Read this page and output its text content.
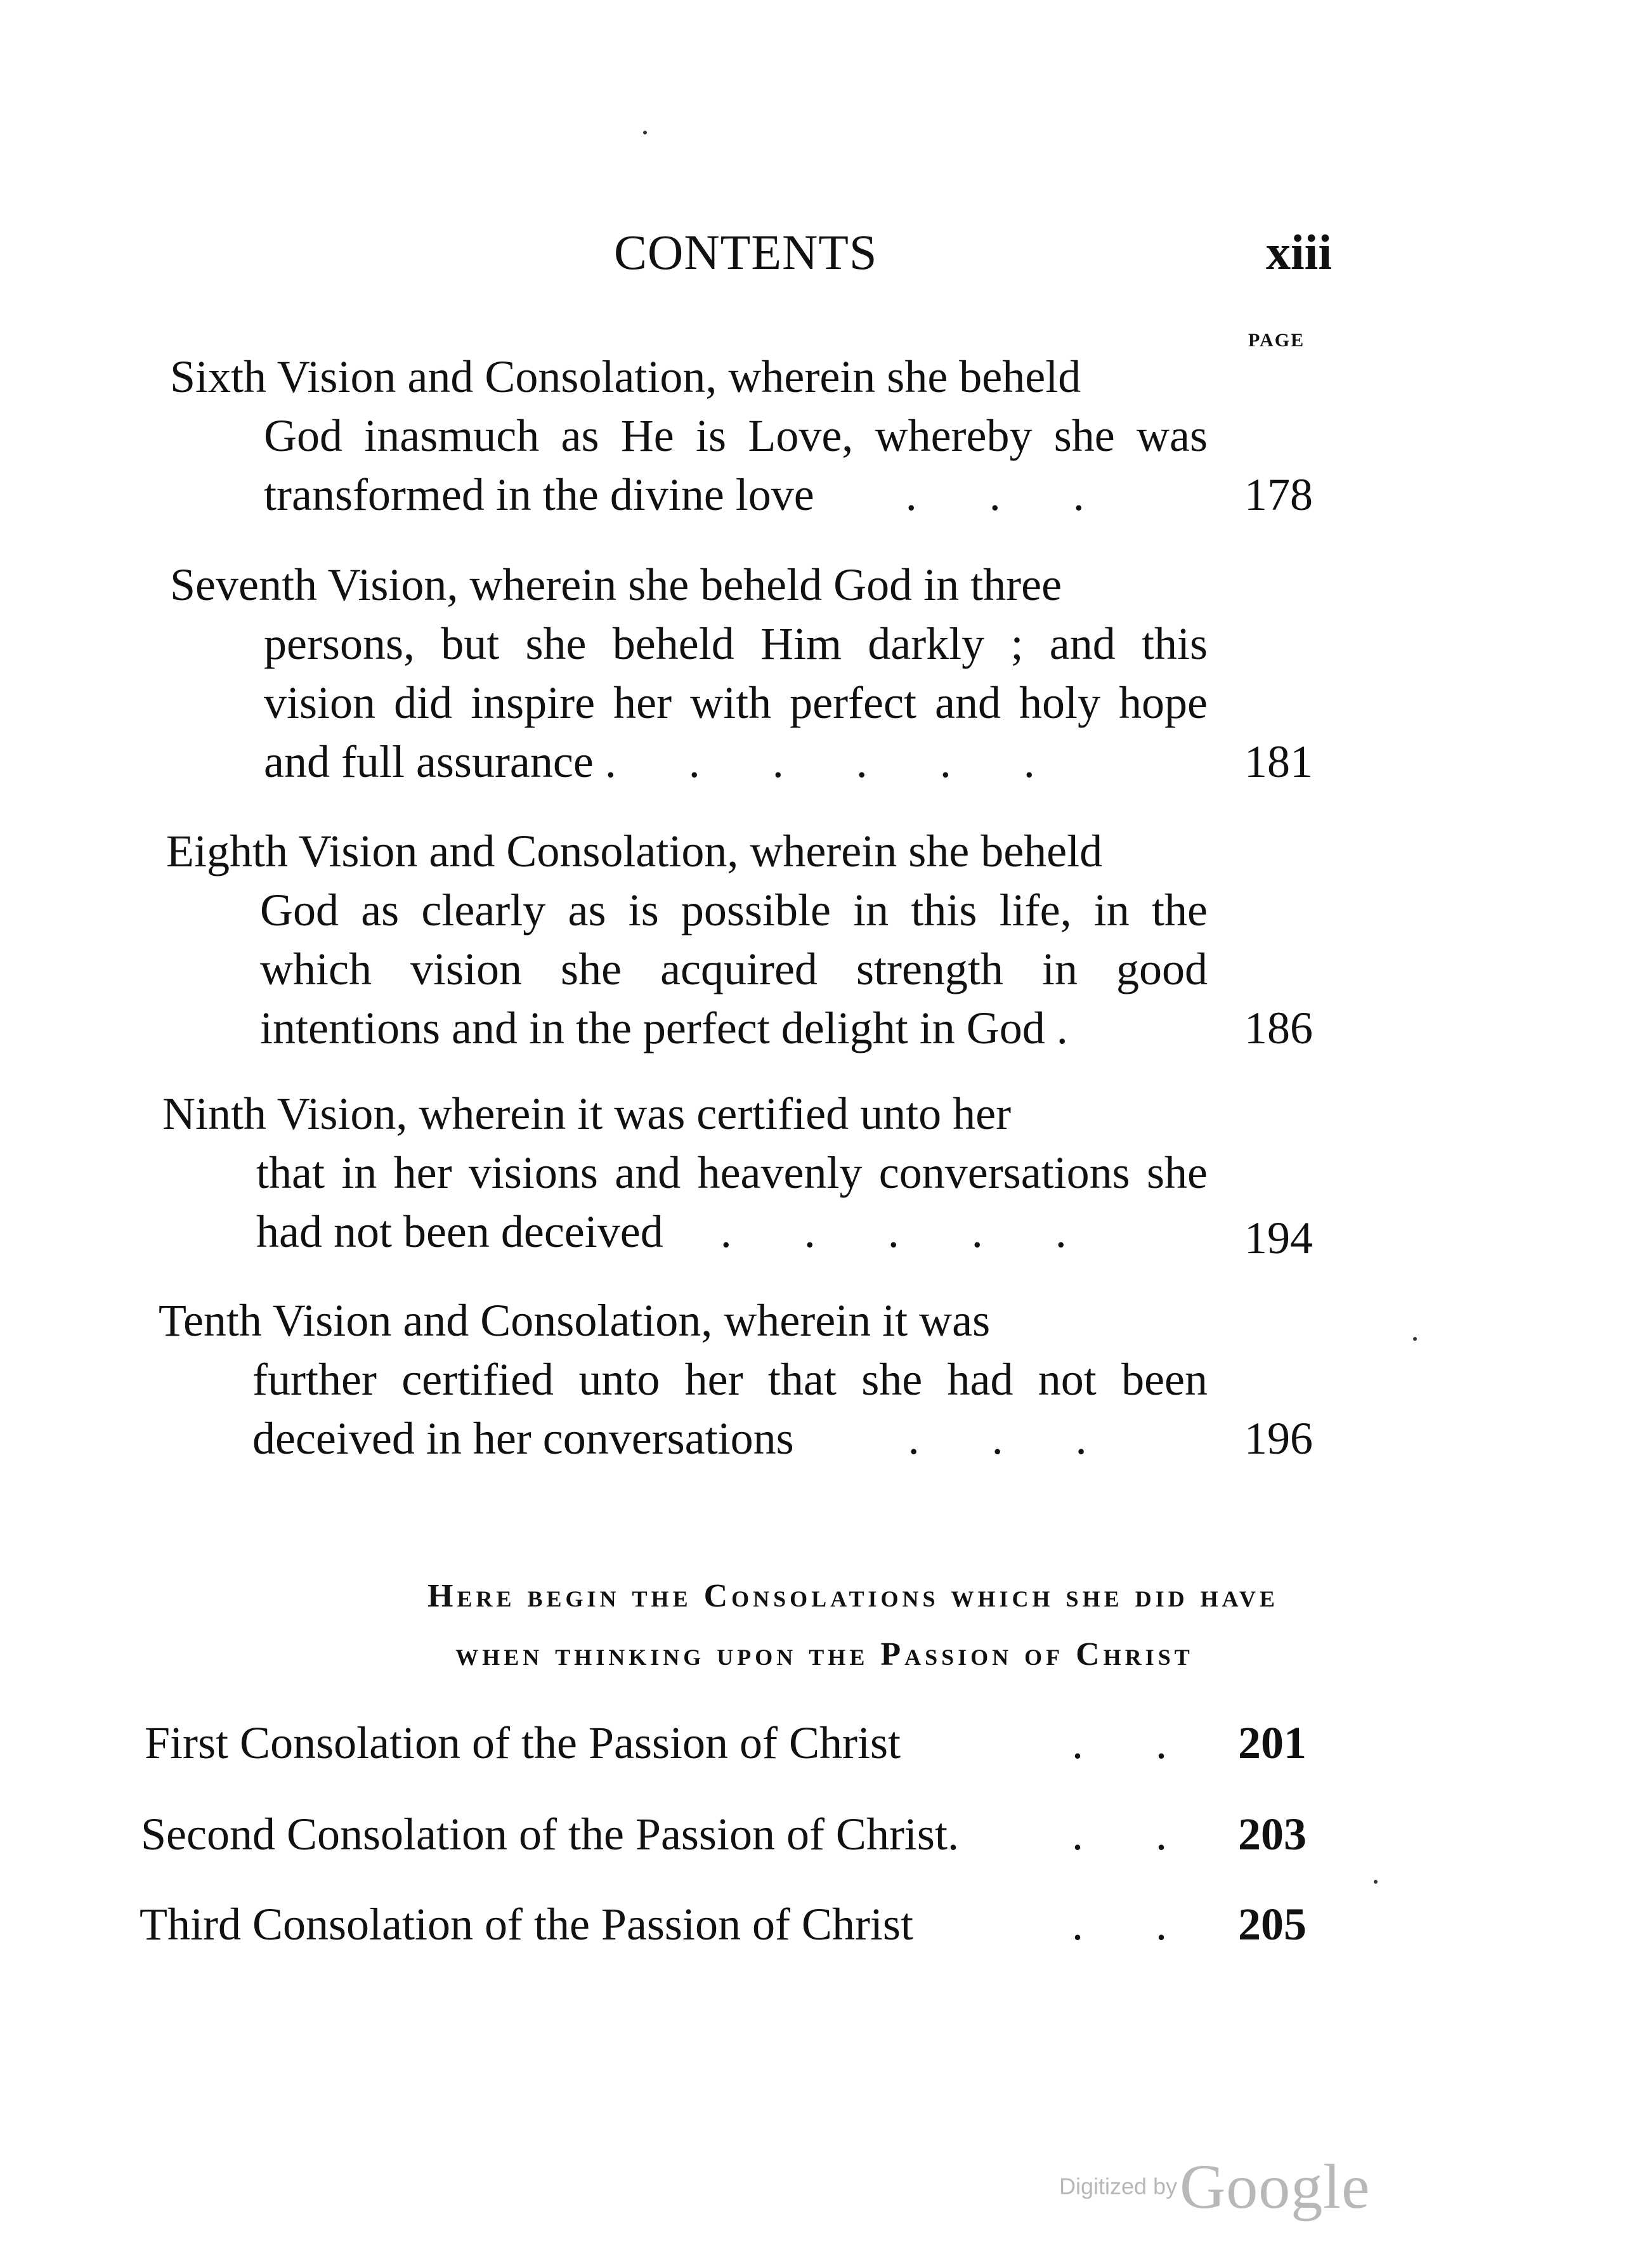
CONTENTS	xiii
PAGE
Sixth Vision and Consolation, wherein she beheld
God inasmuch as He is Love, whereby she was transformed in the divine love . . .	178
Seventh Vision, wherein she beheld God in three
persons, but she beheld Him darkly ; and this vision did inspire her with perfect and holy hope and full assurance . . . . . .	181
Eighth Vision and Consolation, wherein she beheld
God as clearly as is possible in this life, in the which vision she acquired strength in good intentions and in the perfect delight in God .	186
Ninth Vision, wherein it was certified unto her
that in her visions and heavenly conversations she had not been deceived . . . . .	194
Tenth Vision and Consolation, wherein it was
further certified unto her that she had not been deceived in her conversations	. . .	196
Here begin the Consolations which she did have
when thinking upon the Passion of Christ
First Consolation of the Passion of Christ	. . 201
Second Consolation of the Passion of Christ. . . 203
Third Consolation of the Passion of Christ	. . 205
Digitized by Google
